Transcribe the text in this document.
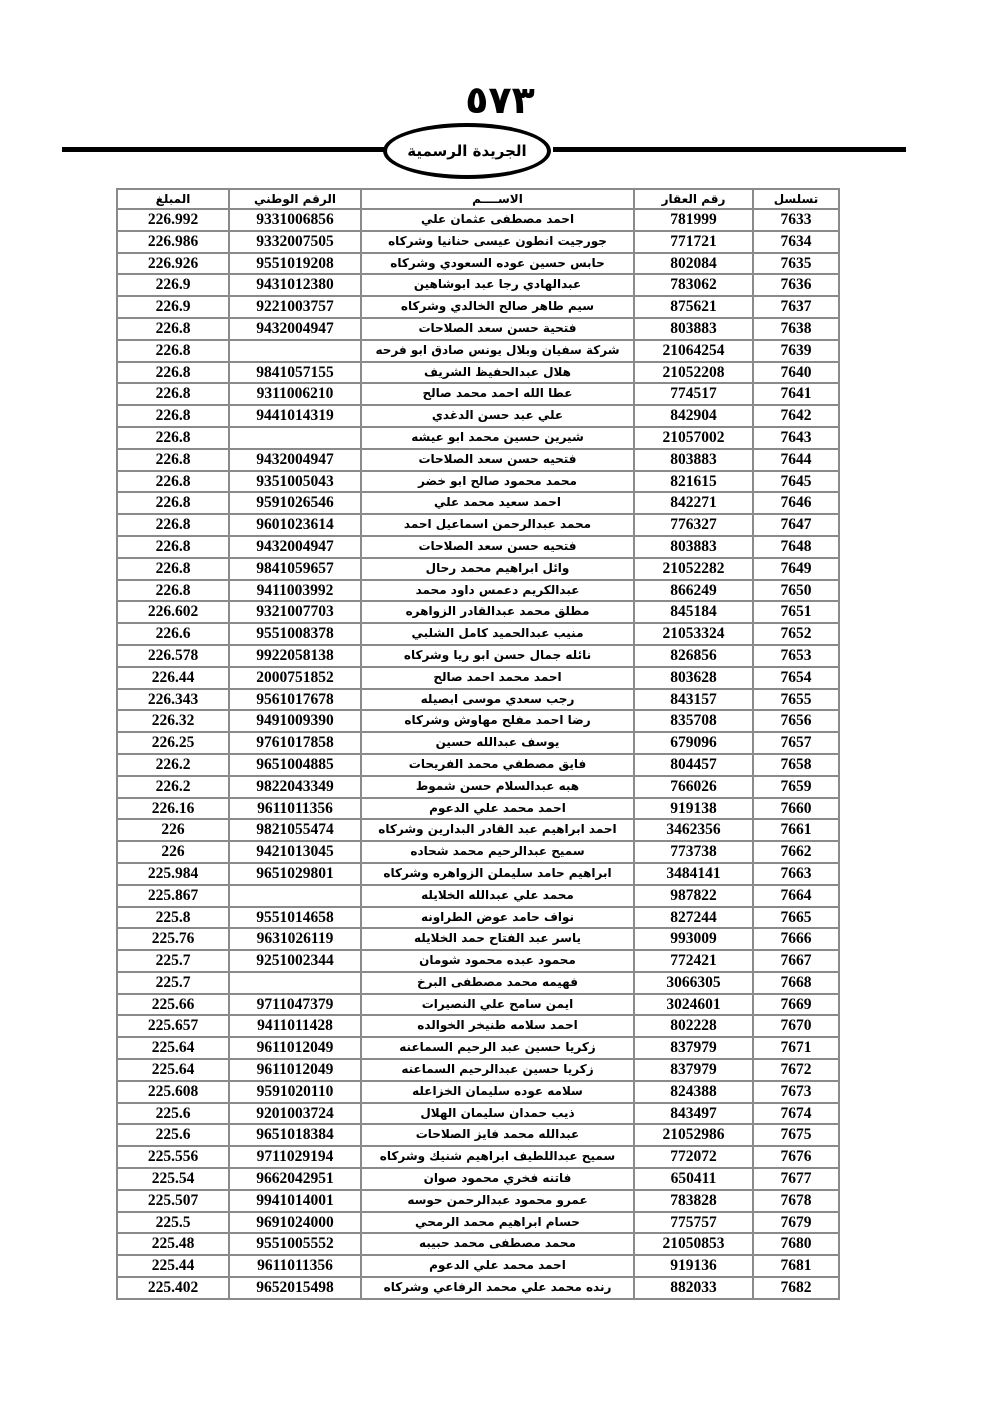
٥٧٣
الجريدة الرسمية
المبلغ	الرقم الوطني	الاســــم	رقم العقار	تسلسل
226.992	9331006856	احمد مصطفى عثمان علي	781999	7633
226.986	9332007505	جورجيت انطون عيسى حنانيا وشركاه	771721	7634
226.926	9551019208	حابس حسين عوده السعودي وشركاه	802084	7635
226.9	9431012380	عبدالهادي رجا عبد ابوشاهين	783062	7636
226.9	9221003757	سيم طاهر صالح الخالدي وشركاه	875621	7637
226.8	9432004947	فتحية حسن سعد الصلاحات	803883	7638
226.8		شركة سفيان وبلال يونس صادق ابو فرحه	21064254	7639
226.8	9841057155	هلال عبدالحفيظ الشريف	21052208	7640
226.8	9311006210	عطا الله احمد محمد صالح	774517	7641
226.8	9441014319	علي عبد حسن الدغدي	842904	7642
226.8		شيرين حسين محمد ابو عيشه	21057002	7643
226.8	9432004947	فتحيه حسن سعد الصلاحات	803883	7644
226.8	9351005043	محمد محمود صالح ابو خضر	821615	7645
226.8	9591026546	احمد سعيد محمد علي	842271	7646
226.8	9601023614	محمد عبدالرحمن اسماعيل احمد	776327	7647
226.8	9432004947	فتحيه حسن سعد الصلاحات	803883	7648
226.8	9841059657	وائل ابراهيم محمد رحال	21052282	7649
226.8	9411003992	عبدالكريم دعمس داود محمد	866249	7650
226.602	9321007703	مطلق محمد عبدالقادر الزواهره	845184	7651
226.6	9551008378	منيب عبدالحميد كامل الشلبي	21053324	7652
226.578	9922058138	نائله جمال حسن ابو ريا وشركاه	826856	7653
226.44	2000751852	احمد محمد احمد صالح	803628	7654
226.343	9561017678	رجب سعدي موسى ابصيله	843157	7655
226.32	9491009390	رضا احمد مفلح مهاوش وشركاه	835708	7656
226.25	9761017858	يوسف عبدالله حسين	679096	7657
226.2	9651004885	فايق مصطفي محمد الفريحات	804457	7658
226.2	9822043349	هبه عبدالسلام حسن شموط	766026	7659
226.16	9611011356	احمد محمد علي الدعوم	919138	7660
226	9821055474	احمد ابراهيم عبد القادر البدارين وشركاه	3462356	7661
226	9421013045	سميح عبدالرحيم محمد شحاده	773738	7662
225.984	9651029801	ابراهيم حامد سليملن الزواهره وشركاه	3484141	7663
225.867		محمد علي عبدالله الخلايله	987822	7664
225.8	9551014658	نواف حامد عوض الطراونه	827244	7665
225.76	9631026119	ياسر عبد الفتاح حمد الخلايله	993009	7666
225.7	9251002344	محمود عبده محمود شومان	772421	7667
225.7		فهيمه محمد مصطفى البرخ	3066305	7668
225.66	9711047379	ايمن سامح علي النصيرات	3024601	7669
225.657	9411011428	احمد سلامه طنيخر الخوالده	802228	7670
225.64	9611012049	زكريا حسين عبد الرحيم السماعنه	837979	7671
225.64	9611012049	زكريا حسين عبدالرحيم السماعنه	837979	7672
225.608	9591020110	سلامه عوده سليمان الخزاعله	824388	7673
225.6	9201003724	ذيب حمدان سليمان الهلال	843497	7674
225.6	9651018384	عبدالله محمد فايز الصلاحات	21052986	7675
225.556	9711029194	سميح عبداللطيف ابراهيم شنيك وشركاه	772072	7676
225.54	9662042951	فاتنه فخري محمود صوان	650411	7677
225.507	9941014001	عمرو محمود عبدالرحمن حوسه	783828	7678
225.5	9691024000	حسام ابراهيم محمد الرمحي	775757	7679
225.48	9551005552	محمد مصطفى محمد حبيبه	21050853	7680
225.44	9611011356	احمد محمد علي الدعوم	919136	7681
225.402	9652015498	رنده محمد علي محمد الرفاعي وشركاه	882033	7682
